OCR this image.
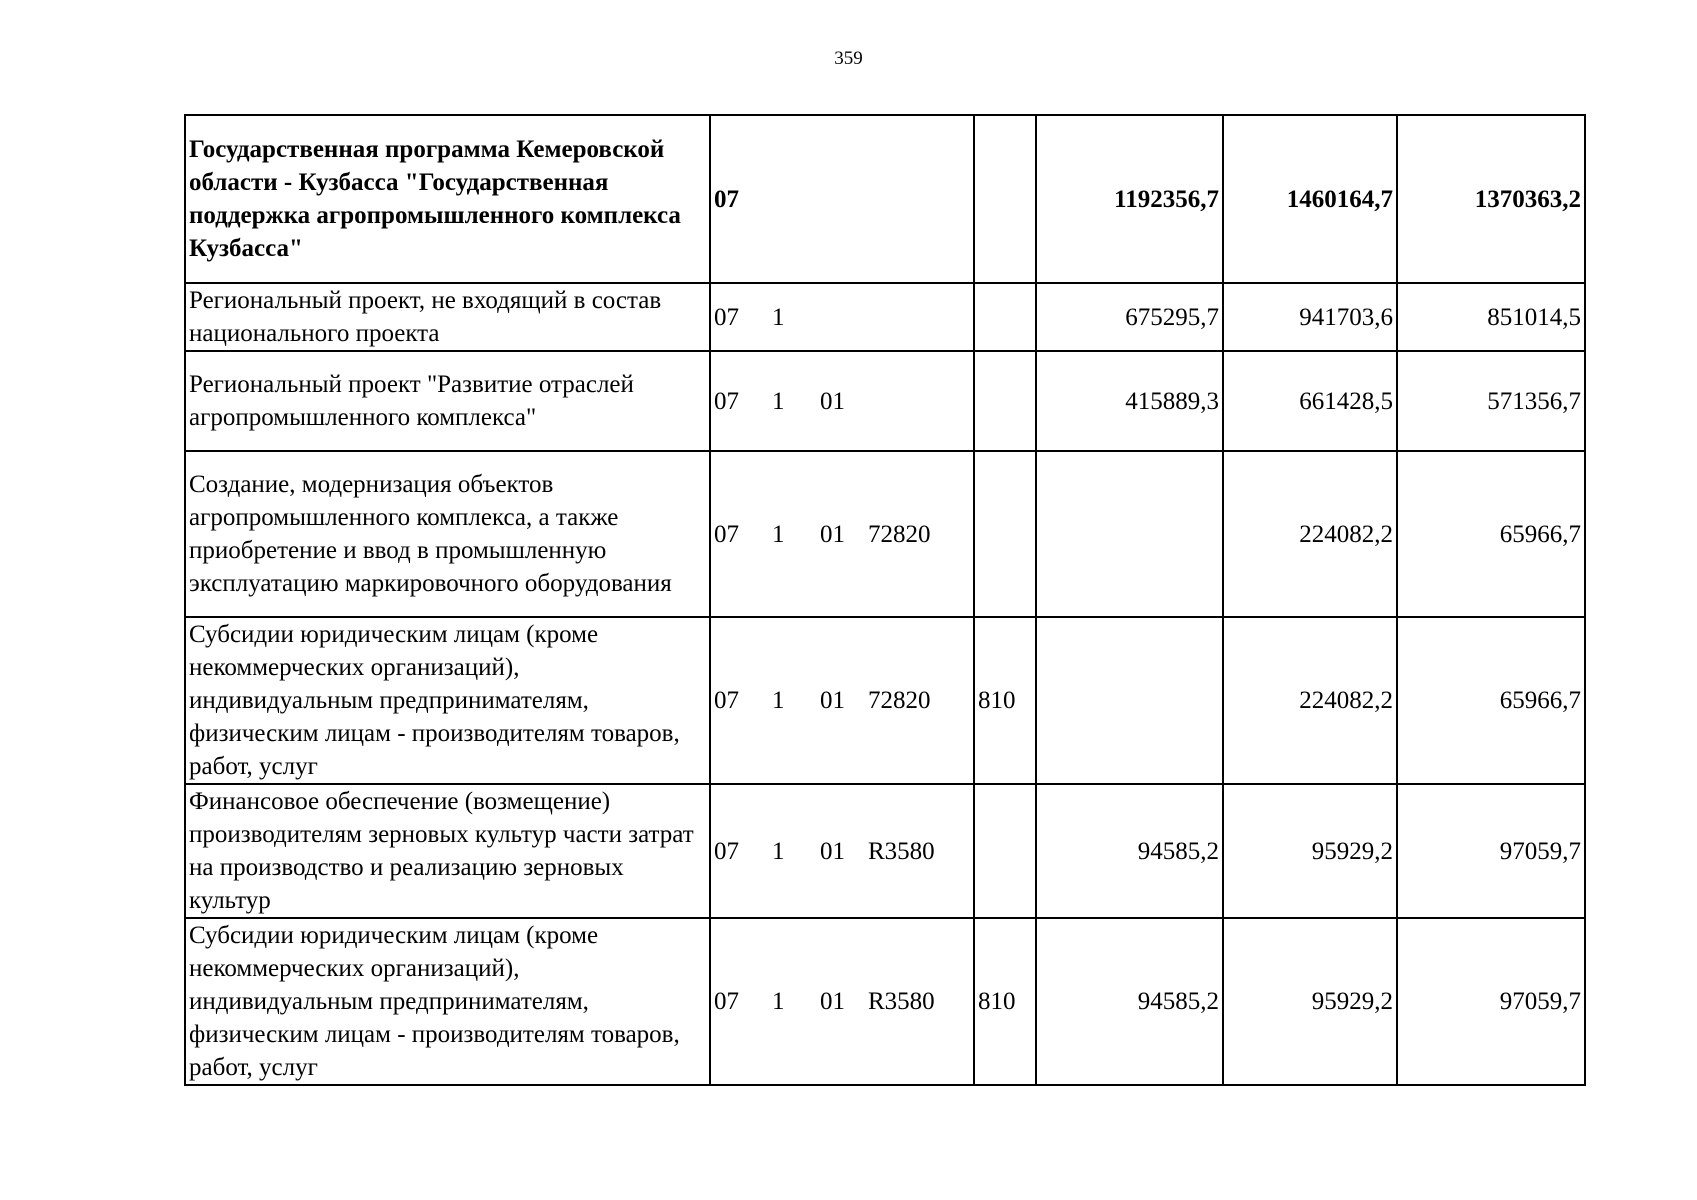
359
Государственная программа Кемеровской области - Кузбасса "Государственная поддержка агропромышленного комплекса Кузбасса"	07		1192356,7	1460164,7	1370363,2
Региональный проект, не входящий в состав национального проекта	07 1		675295,7	941703,6	851014,5
Региональный проект "Развитие отраслей агропромышленного комплекса"	07 1 01		415889,3	661428,5	571356,7
Создание, модернизация объектов агропромышленного комплекса, а также приобретение и ввод в промышленную эксплуатацию маркировочного оборудования	07 1 01 72820			224082,2	65966,7
Субсидии юридическим лицам (кроме некоммерческих организаций), индивидуальным предпринимателям, физическим лицам - производителям товаров, работ, услуг	07 1 01 72820	810		224082,2	65966,7
Финансовое обеспечение (возмещение) производителям зерновых культур части затрат на производство и реализацию зерновых культур	07 1 01 R3580		94585,2	95929,2	97059,7
Субсидии юридическим лицам (кроме некоммерческих организаций), индивидуальным предпринимателям, физическим лицам - производителям товаров, работ, услуг	07 1 01 R3580	810	94585,2	95929,2	97059,7
